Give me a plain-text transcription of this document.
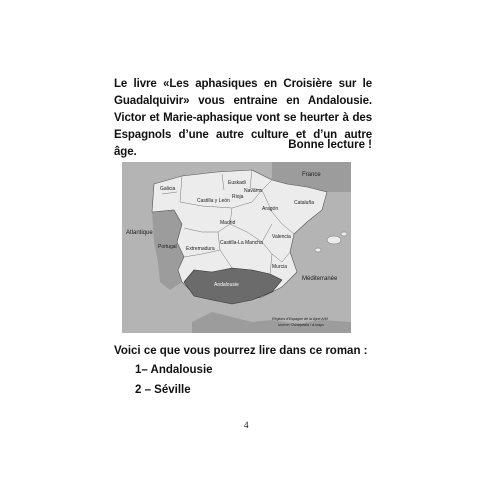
Le livre «Les aphasiques en Croisière sur le Guadalquivir» vous entraine en Andalousie. Victor et Marie-aphasique vont se heurter à des Espagnols d’une autre culture et d’un autre âge.
Bonne lecture !
Euskadi
Navarra
Rioja
France
Castilla y León
Galicia
Aragón
Cataluña
Atlantique
Portugal
Madrid
Valencia
Castilla-La Mancha
Extremadura
Murcia
Andalousie
Méditerranée
Régions d'Espagne de la ligne A/M
source: ©Wikipedia / d-maps
Voici ce que vous pourrez lire dans ce roman :
1– Andalousie
2 – Séville
4
